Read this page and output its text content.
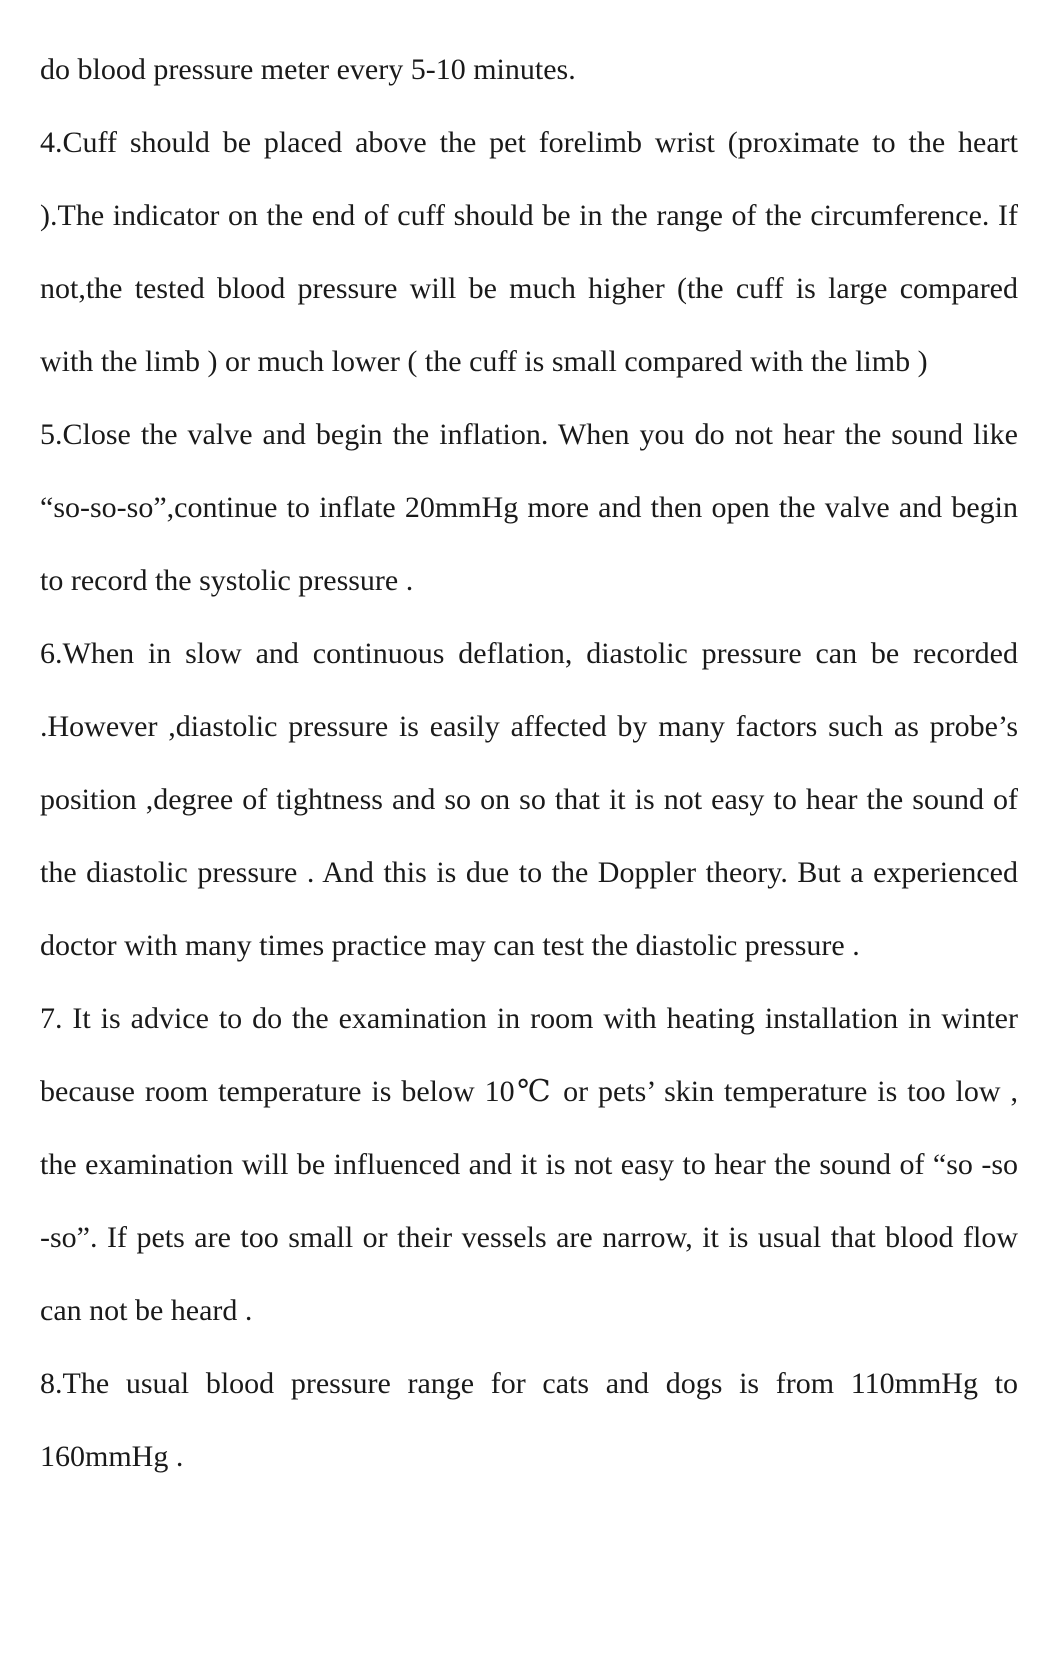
do blood pressure meter every 5-10 minutes.

4.Cuff should be placed above the pet forelimb wrist (proximate to the heart ).The indicator on the end of cuff should be in the range of the circumference. If not,the tested blood pressure will be much higher (the cuff is large compared with the limb ) or much lower ( the cuff is small compared with the limb )

5.Close the valve and begin the inflation. When you do not hear the sound like “so-so-so”,continue to inflate 20mmHg more and then open the valve and begin to record the systolic pressure .

6.When in slow and continuous deflation, diastolic pressure can be recorded .However ,diastolic pressure is easily affected by many factors such as probe’s position ,degree of tightness and so on so that it is not easy to hear the sound of the diastolic pressure . And this is due to the Doppler theory. But a experienced doctor with many times practice may can test the diastolic pressure .

7. It is advice to do the examination in room with heating installation in winter because room temperature is below 10℃ or pets’ skin temperature is too low , the examination will be influenced and it is not easy to hear the sound of “so -so -so”. If pets are too small or their vessels are narrow, it is usual that blood flow can not be heard .

8.The usual blood pressure range for cats and dogs is from 110mmHg to 160mmHg .
